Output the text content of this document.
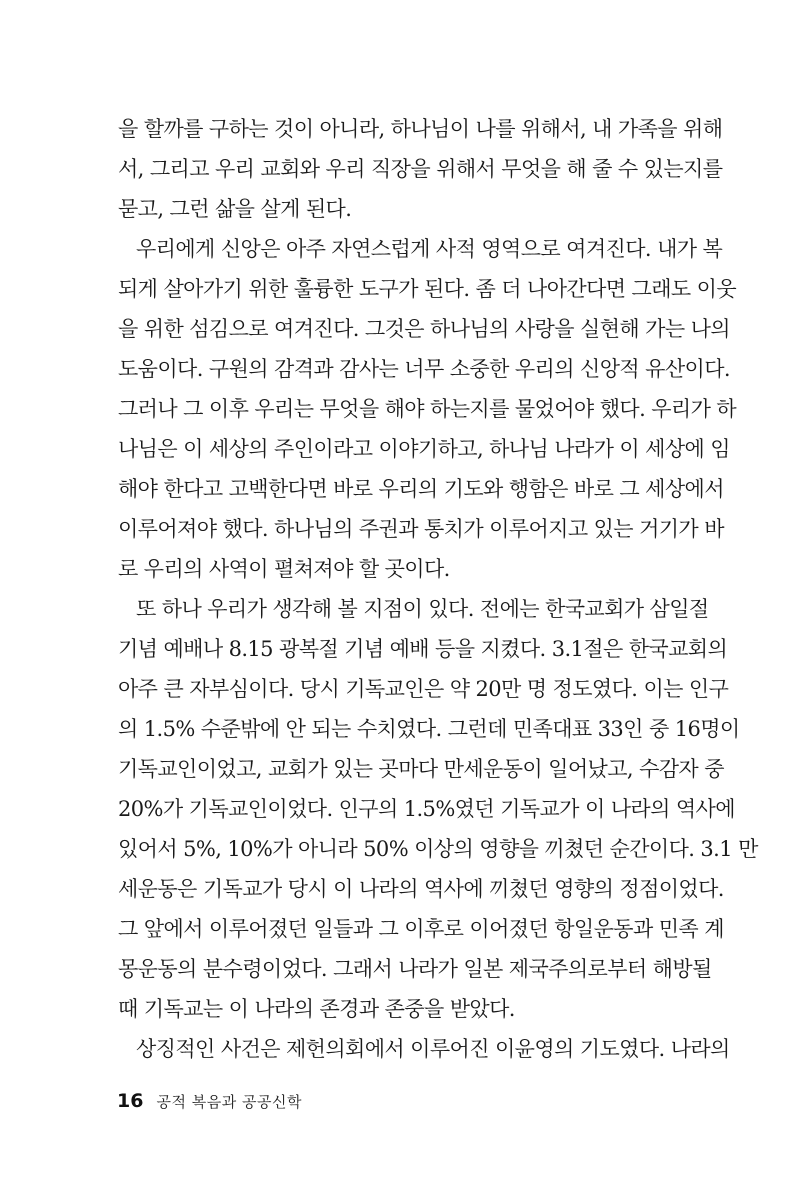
을 할까를 구하는 것이 아니라, 하나님이 나를 위해서, 내 가족을 위해
서, 그리고 우리 교회와 우리 직장을 위해서 무엇을 해 줄 수 있는지를
묻고, 그런 삶을 살게 된다.
우리에게 신앙은 아주 자연스럽게 사적 영역으로 여겨진다. 내가 복
되게 살아가기 위한 훌륭한 도구가 된다. 좀 더 나아간다면 그래도 이웃
을 위한 섬김으로 여겨진다. 그것은 하나님의 사랑을 실현해 가는 나의
도움이다. 구원의 감격과 감사는 너무 소중한 우리의 신앙적 유산이다.
그러나 그 이후 우리는 무엇을 해야 하는지를 물었어야 했다. 우리가 하
나님은 이 세상의 주인이라고 이야기하고, 하나님 나라가 이 세상에 임
해야 한다고 고백한다면 바로 우리의 기도와 행함은 바로 그 세상에서
이루어져야 했다. 하나님의 주권과 통치가 이루어지고 있는 거기가 바
로 우리의 사역이 펼쳐져야 할 곳이다.
또 하나 우리가 생각해 볼 지점이 있다. 전에는 한국교회가 삼일절
기념 예배나 8.15 광복절 기념 예배 등을 지켰다. 3.1절은 한국교회의
아주 큰 자부심이다. 당시 기독교인은 약 20만 명 정도였다. 이는 인구
의 1.5% 수준밖에 안 되는 수치였다. 그런데 민족대표 33인 중 16명이
기독교인이었고, 교회가 있는 곳마다 만세운동이 일어났고, 수감자 중
20%가 기독교인이었다. 인구의 1.5%였던 기독교가 이 나라의 역사에
있어서 5%, 10%가 아니라 50% 이상의 영향을 끼쳤던 순간이다. 3.1 만
세운동은 기독교가 당시 이 나라의 역사에 끼쳤던 영향의 정점이었다.
그 앞에서 이루어졌던 일들과 그 이후로 이어졌던 항일운동과 민족 계
몽운동의 분수령이었다. 그래서 나라가 일본 제국주의로부터 해방될
때 기독교는 이 나라의 존경과 존중을 받았다.
상징적인 사건은 제헌의회에서 이루어진 이윤영의 기도였다. 나라의
16 공적 복음과 공공신학
